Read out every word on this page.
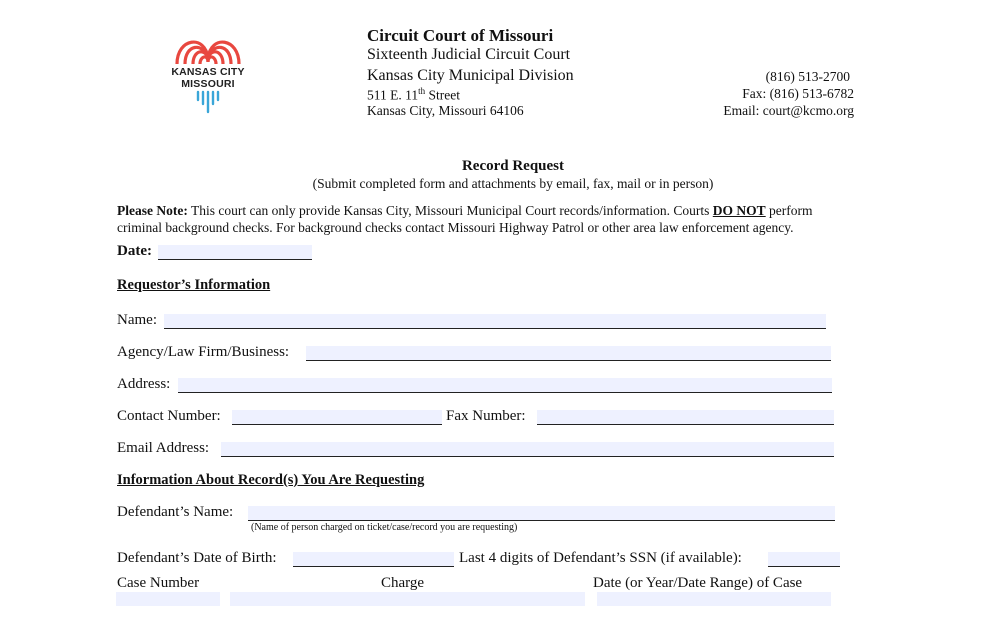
KANSAS CITY
MISSOURI
Circuit Court of Missouri
Sixteenth Judicial Circuit Court
Kansas City Municipal Division
511 E. 11th Street
Kansas City, Missouri 64106
(816) 513-2700
Fax: (816) 513-6782
Email: court@kcmo.org
Record Request
(Submit completed form and attachments by email, fax, mail or in person)
Please Note: This court can only provide Kansas City, Missouri Municipal Court records/information. Courts DO NOT perform
criminal background checks. For background checks contact Missouri Highway Patrol or other area law enforcement agency.
Date:
Requestor’s Information
Name:
Agency/Law Firm/Business:
Address:
Contact Number:	Fax Number:
Email Address:
Information About Record(s) You Are Requesting
Defendant’s Name:
(Name of person charged on ticket/case/record you are requesting)
Defendant’s Date of Birth:	Last 4 digits of Defendant’s SSN (if available):
Case Number	Charge	Date (or Year/Date Range) of Case
